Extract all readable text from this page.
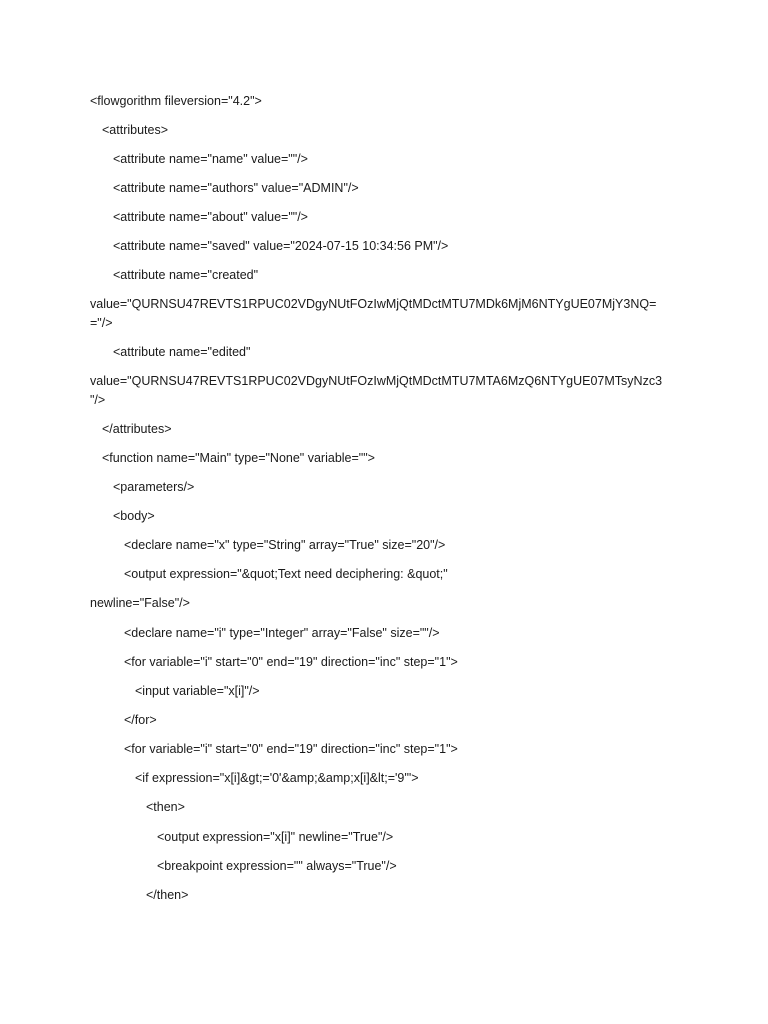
<flowgorithm fileversion="4.2">
<attributes>
<attribute name="name" value=""/>
<attribute name="authors" value="ADMIN"/>
<attribute name="about" value=""/>
<attribute name="saved" value="2024-07-15 10:34:56 PM"/>
<attribute name="created"
value="QURNSU47REVTS1RPUC02VDgyNUtFOzIwMjQtMDctMTU7MDk6MjM6NTYgUE07MjY3NQ=
="/>
<attribute name="edited"
value="QURNSU47REVTS1RPUC02VDgyNUtFOzIwMjQtMDctMTU7MTA6MzQ6NTYgUE07MTsyNzc3
"/>
</attributes>
<function name="Main" type="None" variable="">
<parameters/>
<body>
<declare name="x" type="String" array="True" size="20"/>
<output expression="&quot;Text need deciphering: &quot;"
newline="False"/>
<declare name="i" type="Integer" array="False" size=""/>
<for variable="i" start="0" end="19" direction="inc" step="1">
<input variable="x[i]"/>
</for>
<for variable="i" start="0" end="19" direction="inc" step="1">
<if expression="x[i]&gt;='0'&amp;&amp;x[i]&lt;='9'">
<then>
<output expression="x[i]" newline="True"/>
<breakpoint expression="" always="True"/>
</then>
